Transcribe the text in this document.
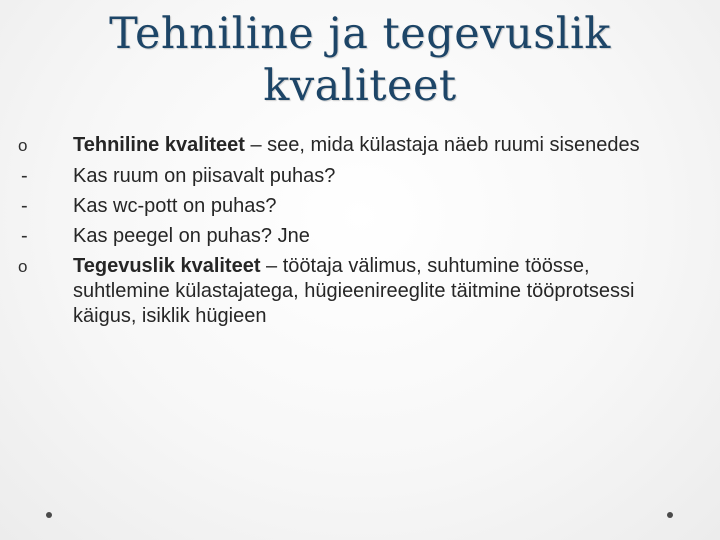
Tehniline ja tegevuslik
kvaliteet
o	Tehniline kvaliteet – see, mida külastaja näeb ruumi sisenedes
-	Kas ruum on piisavalt puhas?
-	Kas wc-pott on puhas?
-	Kas peegel on puhas? Jne
o	Tegevuslik kvaliteet – töötaja välimus, suhtumine töösse, suhtlemine külastajatega, hügieenireeglite täitmine tööprotsessi käigus, isiklik hügieen
